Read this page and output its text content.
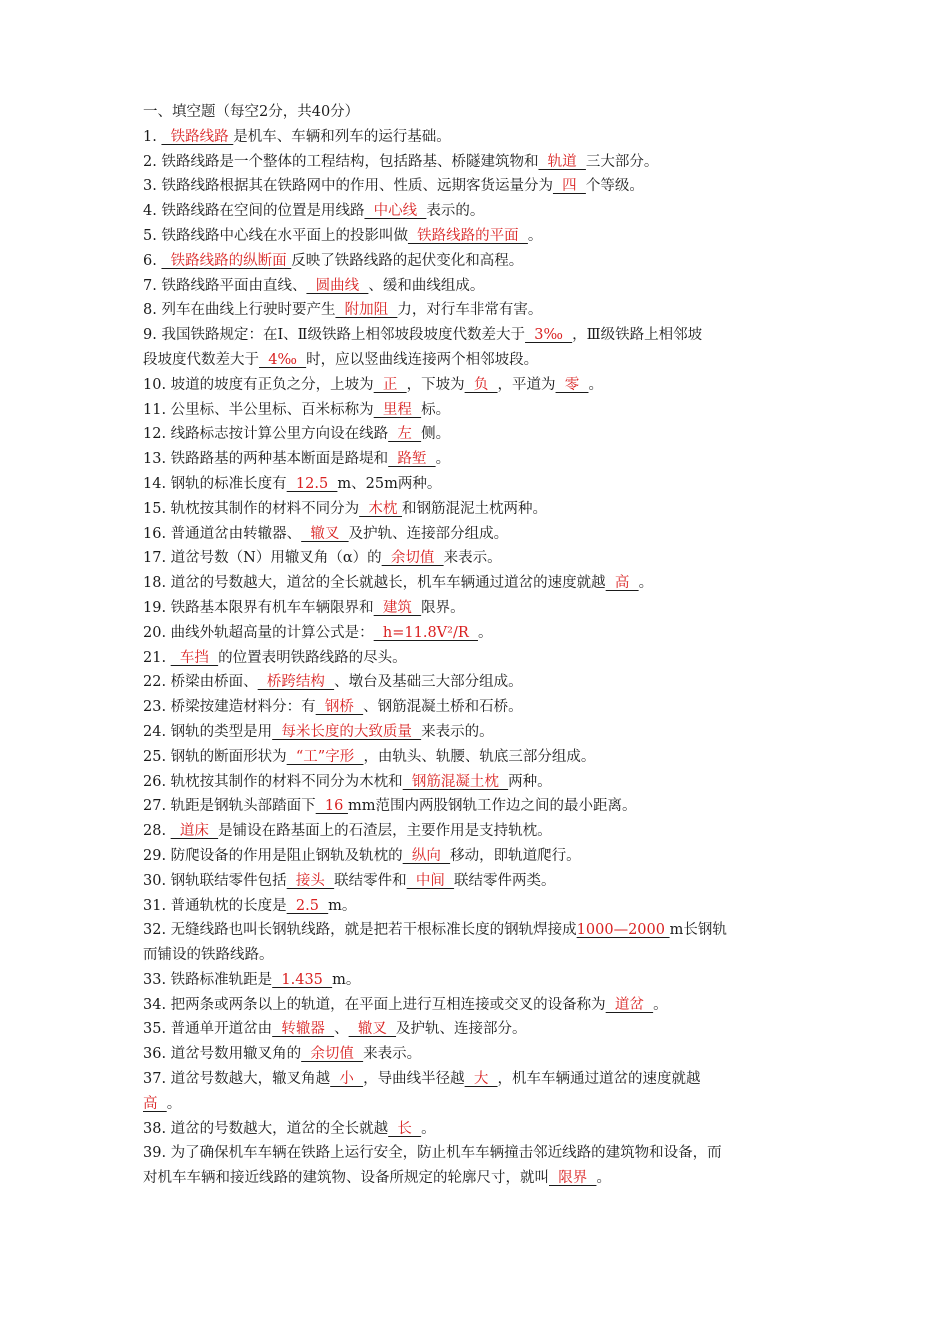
一、填空题（每空2分，共40分）
1.   铁路线路 是机车、车辆和列车的运行基础。
2. 铁路线路是一个整体的工程结构，包括路基、桥隧建筑物和  轨道  三大部分。
3. 铁路线路根据其在铁路网中的作用、性质、远期客货运量分为  四  个等级。
4. 铁路线路在空间的位置是用线路  中心线  表示的。
5. 铁路线路中心线在水平面上的投影叫做  铁路线路的平面  。
6.   铁路线路的纵断面 反映了铁路线路的起伏变化和高程。
7. 铁路线路平面由直线、  圆曲线  、缓和曲线组成。
8. 列车在曲线上行驶时要产生  附加阻  力，对行车非常有害。
9. 我国铁路规定：在Ⅰ、Ⅱ级铁路上相邻坡段坡度代数差大于  3‰  ，Ⅲ级铁路上相邻坡
段坡度代数差大于  4‰  时，应以竖曲线连接两个相邻坡段。
10. 坡道的坡度有正负之分，上坡为  正  ，下坡为  负  ，平道为  零  。
11. 公里标、半公里标、百米标称为  里程  标。
12. 线路标志按计算公里方向设在线路  左  侧。
13. 铁路路基的两种基本断面是路堤和  路堑  。
14. 钢轨的标准长度有  12.5  m、25m两种。
15. 轨枕按其制作的材料不同分为  木枕 和钢筋混泥土枕两种。
16. 普通道岔由转辙器、  辙叉  及护轨、连接部分组成。
17. 道岔号数（N）用辙叉角（α）的  余切值  来表示。
18. 道岔的号数越大，道岔的全长就越长，机车车辆通过道岔的速度就越  高  。
19. 铁路基本限界有机车车辆限界和  建筑  限界。
20. 曲线外轨超高量的计算公式是：  h=11.8V²/R  。
21.   车挡  的位置表明铁路线路的尽头。
22. 桥梁由桥面、  桥跨结构  、墩台及基础三大部分组成。
23. 桥梁按建造材料分：有  钢桥  、钢筋混凝土桥和石桥。
24. 钢轨的类型是用  每米长度的大致质量  来表示的。
25. 钢轨的断面形状为  “工”字形  ，由轨头、轨腰、轨底三部分组成。
26. 轨枕按其制作的材料不同分为木枕和  钢筋混凝土枕  两种。
27. 轨距是钢轨头部踏面下  16 mm范围内两股钢轨工作边之间的最小距离。
28.   道床  是铺设在路基面上的石渣层，主要作用是支持轨枕。
29. 防爬设备的作用是阻止钢轨及轨枕的  纵向  移动，即轨道爬行。
30. 钢轨联结零件包括  接头  联结零件和  中间  联结零件两类。
31. 普通轨枕的长度是  2.5  m。
32. 无缝线路也叫长钢轨线路，就是把若干根标准长度的钢轨焊接成1000—2000 m长钢轨
而铺设的铁路线路。
33. 铁路标准轨距是  1.435  m。
34. 把两条或两条以上的轨道，在平面上进行互相连接或交叉的设备称为  道岔  。
35. 普通单开道岔由  转辙器  、  辙叉  及护轨、连接部分。
36. 道岔号数用辙叉角的  余切值  来表示。
37. 道岔号数越大，辙叉角越  小  ，导曲线半径越  大  ，机车车辆通过道岔的速度就越
高  。
38. 道岔的号数越大，道岔的全长就越  长  。
39. 为了确保机车车辆在铁路上运行安全，防止机车车辆撞击邻近线路的建筑物和设备，而
对机车车辆和接近线路的建筑物、设备所规定的轮廓尺寸，就叫  限界  。
